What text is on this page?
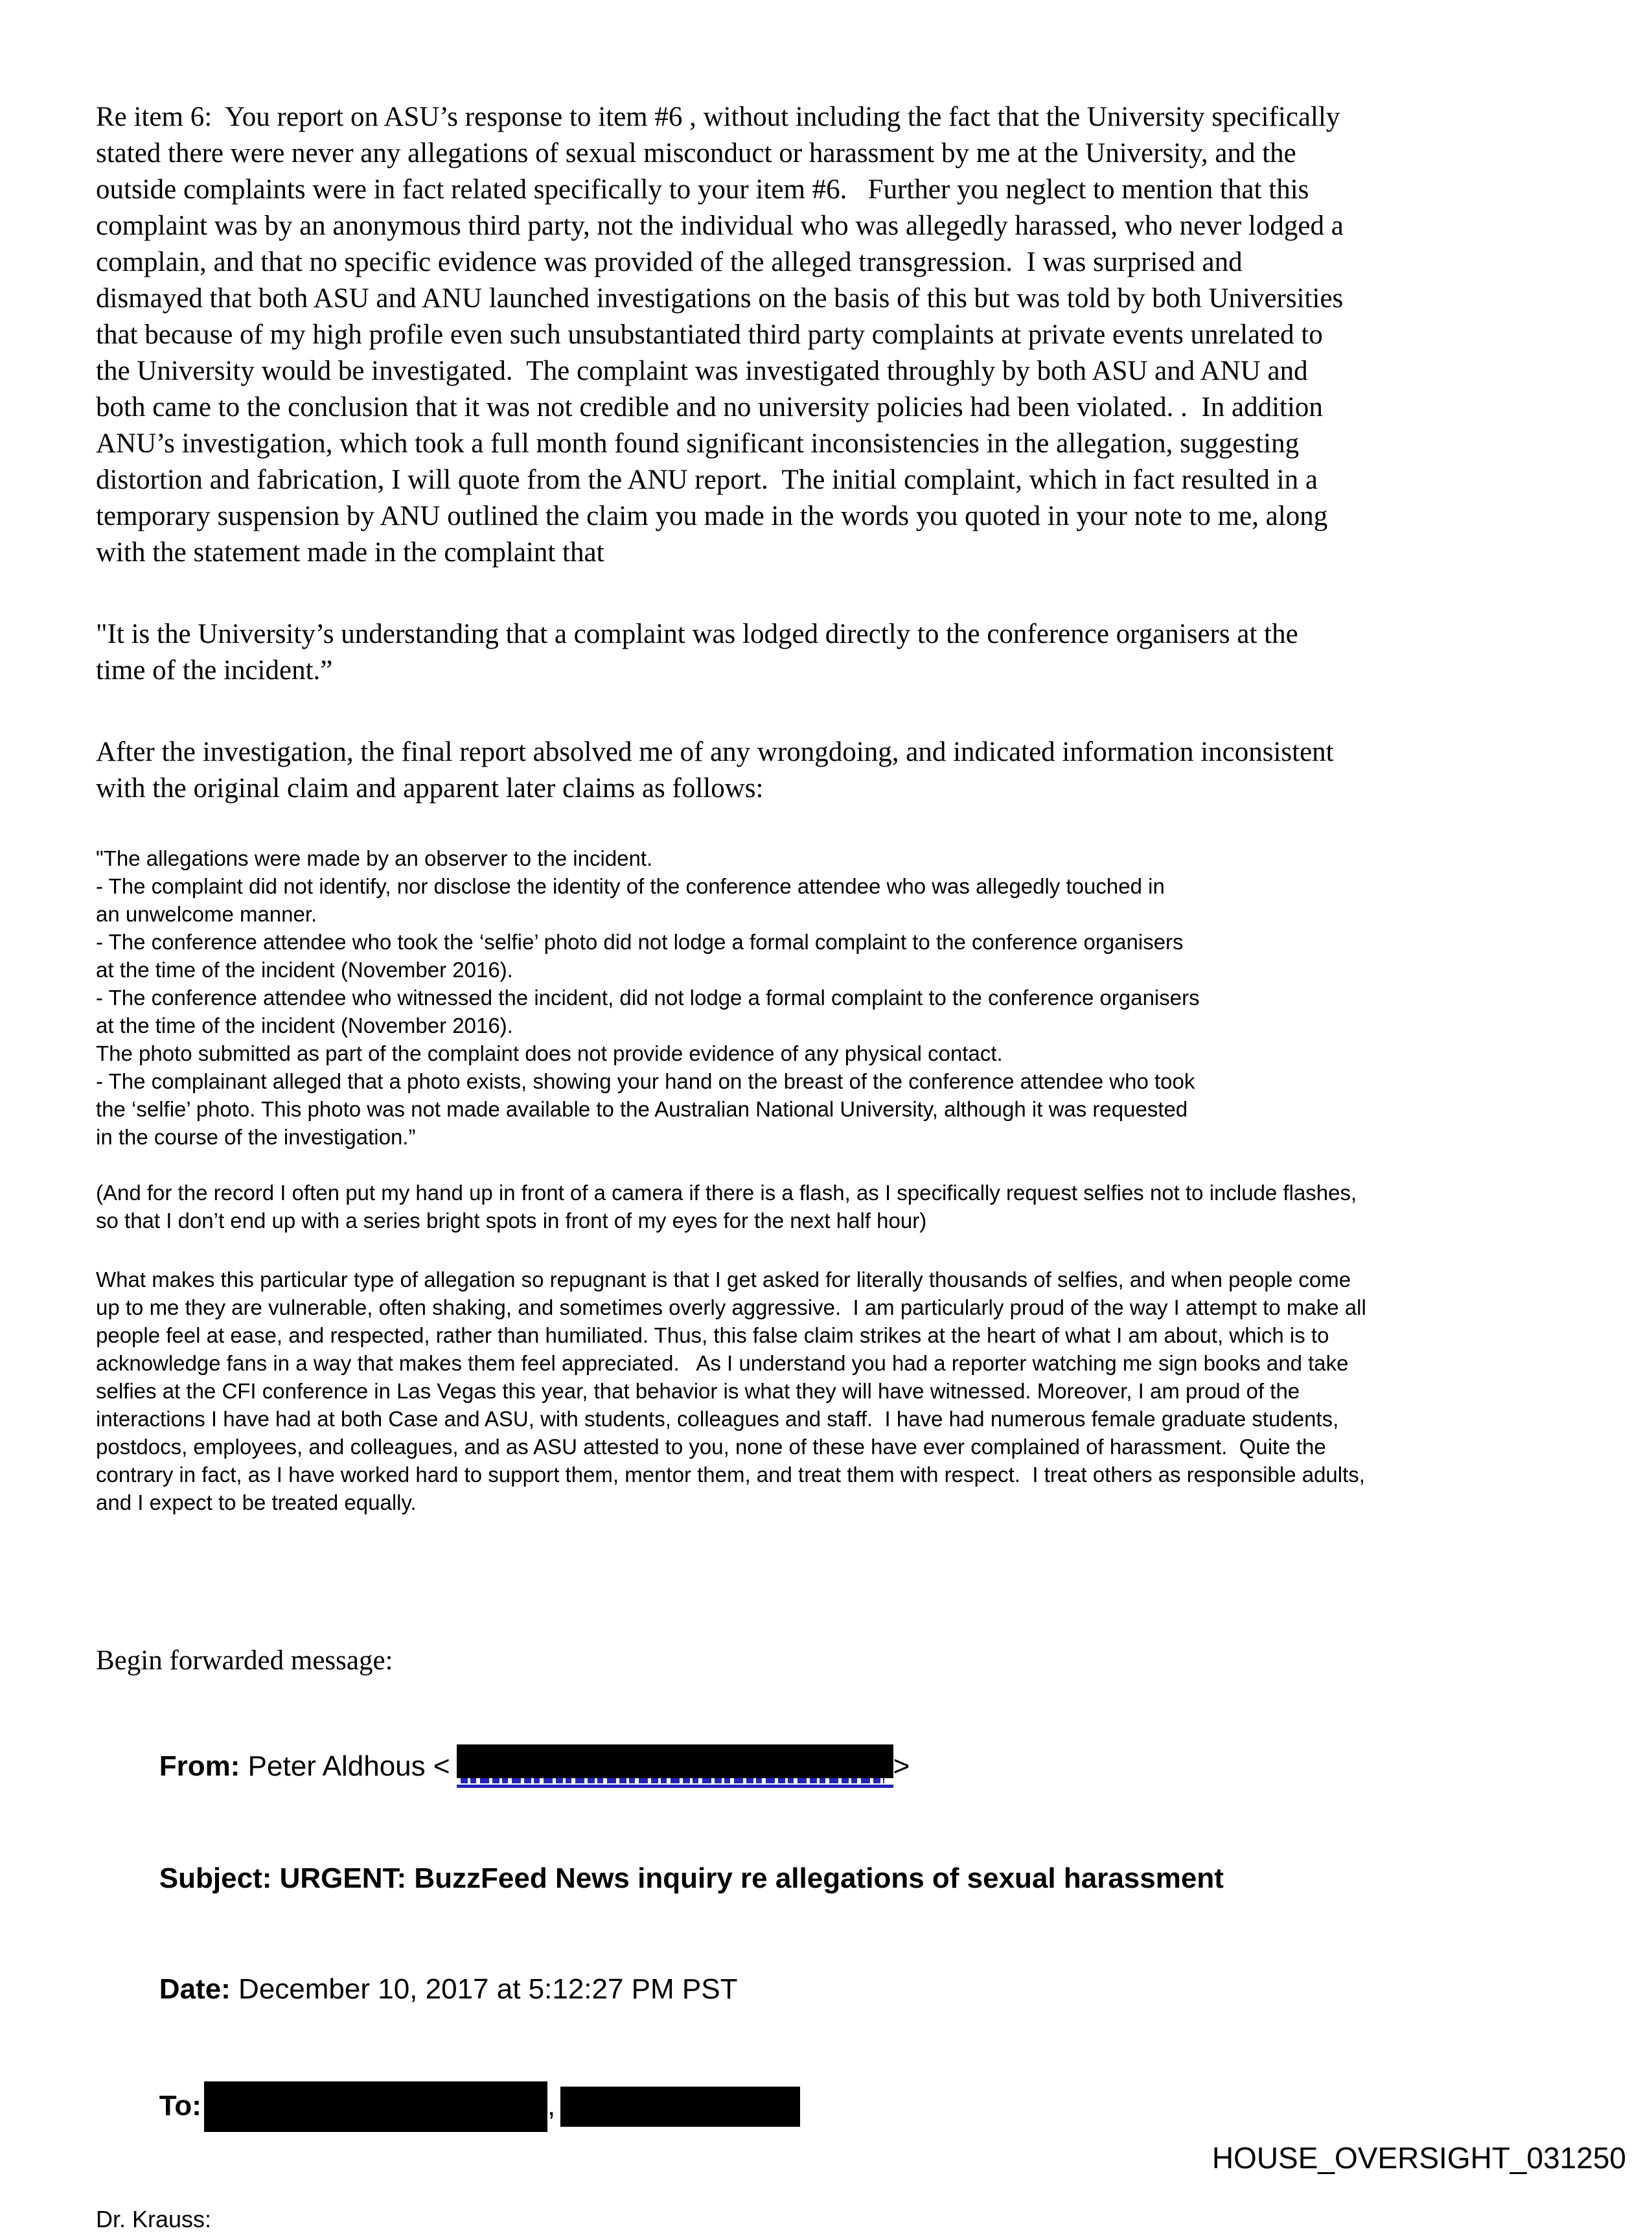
Re item 6:  You report on ASU’s response to item #6 , without including the fact that the University specifically
stated there were never any allegations of sexual misconduct or harassment by me at the University, and the
outside complaints were in fact related specifically to your item #6.   Further you neglect to mention that this
complaint was by an anonymous third party, not the individual who was allegedly harassed, who never lodged a
complain, and that no specific evidence was provided of the alleged transgression.  I was surprised and
dismayed that both ASU and ANU launched investigations on the basis of this but was told by both Universities
that because of my high profile even such unsubstantiated third party complaints at private events unrelated to
the University would be investigated.  The complaint was investigated throughly by both ASU and ANU and
both came to the conclusion that it was not credible and no university policies had been violated. .  In addition
ANU’s investigation, which took a full month found significant inconsistencies in the allegation, suggesting
distortion and fabrication, I will quote from the ANU report.  The initial complaint, which in fact resulted in a
temporary suspension by ANU outlined the claim you made in the words you quoted in your note to me, along
with the statement made in the complaint that

"It is the University’s understanding that a complaint was lodged directly to the conference organisers at the
time of the incident.”

After the investigation, the final report absolved me of any wrongdoing, and indicated information inconsistent
with the original claim and apparent later claims as follows:

"The allegations were made by an observer to the incident.
- The complaint did not identify, nor disclose the identity of the conference attendee who was allegedly touched in
an unwelcome manner.
- The conference attendee who took the ‘selfie’ photo did not lodge a formal complaint to the conference organisers
at the time of the incident (November 2016).
- The conference attendee who witnessed the incident, did not lodge a formal complaint to the conference organisers
at the time of the incident (November 2016).
The photo submitted as part of the complaint does not provide evidence of any physical contact.
- The complainant alleged that a photo exists, showing your hand on the breast of the conference attendee who took
the ‘selfie’ photo. This photo was not made available to the Australian National University, although it was requested
in the course of the investigation.”

(And for the record I often put my hand up in front of a camera if there is a flash, as I specifically request selfies not to include flashes,
so that I don’t end up with a series bright spots in front of my eyes for the next half hour)

What makes this particular type of allegation so repugnant is that I get asked for literally thousands of selfies, and when people come
up to me they are vulnerable, often shaking, and sometimes overly aggressive.  I am particularly proud of the way I attempt to make all
people feel at ease, and respected, rather than humiliated. Thus, this false claim strikes at the heart of what I am about, which is to
acknowledge fans in a way that makes them feel appreciated.   As I understand you had a reporter watching me sign books and take
selfies at the CFI conference in Las Vegas this year, that behavior is what they will have witnessed. Moreover, I am proud of the
interactions I have had at both Case and ASU, with students, colleagues and staff.  I have had numerous female graduate students,
postdocs, employees, and colleagues, and as ASU attested to you, none of these have ever complained of harassment.  Quite the
contrary in fact, as I have worked hard to support them, mentor them, and treat them with respect.  I treat others as responsible adults,
and I expect to be treated equally.

Begin forwarded message:

From: Peter Aldhous <	>

Subject: URGENT: BuzzFeed News inquiry re allegations of sexual harassment

Date: December 10, 2017 at 5:12:27 PM PST

To:	,

Dr. Krauss:

HOUSE_OVERSIGHT_031250
